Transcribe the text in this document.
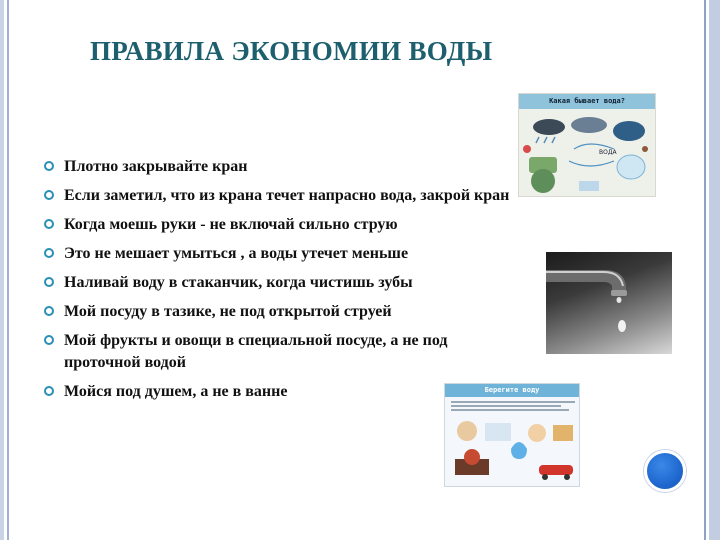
ПРАВИЛА ЭКОНОМИИ ВОДЫ
Плотно закрывайте кран
Если заметил, что из крана течет напрасно вода, закрой кран
Когда моешь руки - не включай сильно струю
Это не мешает умыться , а воды утечет меньше
Наливай воду в стаканчик, когда чистишь зубы
Мой посуду в тазике, не под открытой струей
Мой фрукты и овощи в специальной посуде, а не под проточной водой
Мойся под душем, а не в ванне
Какая бывает вода?
ВОДА
Берегите воду
